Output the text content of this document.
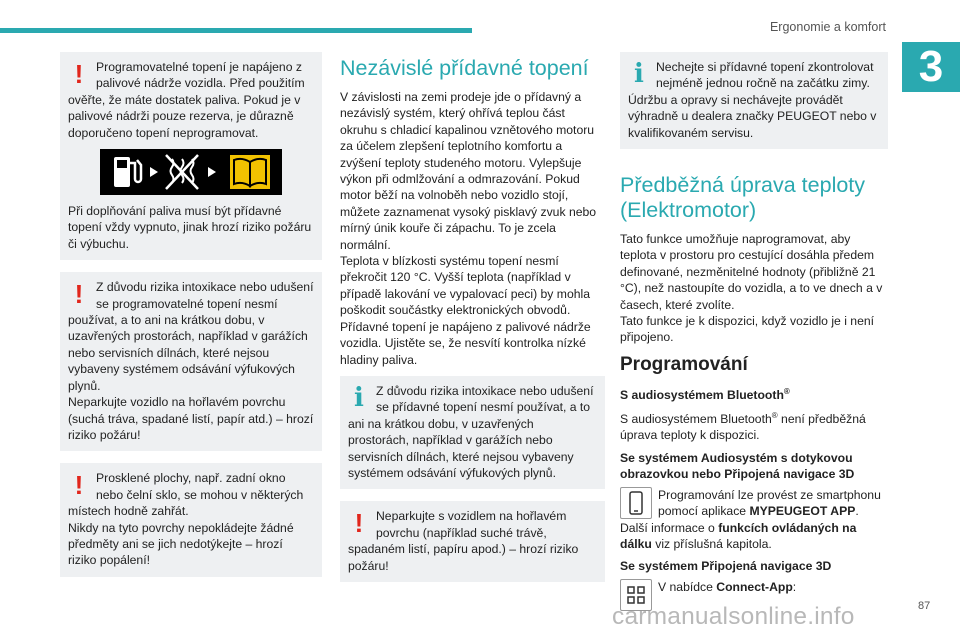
Ergonomie a komfort
3
!	Programovatelné topení je napájeno z palivové nádrže vozidla. Před použitím ověřte, že máte dostatek paliva. Pokud je v palivové nádrži pouze rezerva, je důrazně doporučeno topení neprogramovat.

Při doplňování paliva musí být přídavné topení vždy vypnuto, jinak hrozí riziko požáru či výbuchu.

!	Z důvodu rizika intoxikace nebo udušení se programovatelné topení nesmí používat, a to ani na krátkou dobu, v uzavřených prostorách, například v garážích nebo servisních dílnách, které nejsou vybaveny systémem odsávání výfukových plynů.
Neparkujte vozidlo na hořlavém povrchu (suchá tráva, spadané listí, papír atd.) – hrozí riziko požáru!

!	Prosklené plochy, např. zadní okno nebo čelní sklo, se mohou v některých místech hodně zahřát.
Nikdy na tyto povrchy nepokládejte žádné předměty ani se jich nedotýkejte – hrozí riziko popálení!

Nezávislé přídavné topení

V závislosti na zemi prodeje jde o přídavný a nezávislý systém, který ohřívá teplou část okruhu s chladicí kapalinou vznětového motoru za účelem zlepšení teplotního komfortu a zvýšení teploty studeného motoru. Vylepšuje výkon při odmlžování a odmrazování. Pokud motor běží na volnoběh nebo vozidlo stojí, můžete zaznamenat vysoký pisklavý zvuk nebo mírný únik kouře či zápachu. To je zcela normální.

Teplota v blízkosti systému topení nesmí překročit 120 °C. Vyšší teplota (například v případě lakování ve vypalovací peci) by mohla poškodit součástky elektronických obvodů. Přídavné topení je napájeno z palivové nádrže vozidla. Ujistěte se, že nesvítí kontrolka nízké hladiny paliva.

i Z důvodu rizika intoxikace nebo udušení se přídavné topení nesmí používat, a to ani na krátkou dobu, v uzavřených prostorách, například v garážích nebo servisních dílnách, které nejsou vybaveny systémem odsávání výfukových plynů.

!	Neparkujte s vozidlem na hořlavém povrchu (například suché trávě, spadaném listí, papíru apod.) – hrozí riziko požáru!

i Nechejte si přídavné topení zkontrolovat nejméně jednou ročně na začátku zimy. Údržbu a opravy si nechávejte provádět výhradně u dealera značky PEUGEOT nebo v kvalifikovaném servisu.

Předběžná úprava teploty (Elektromotor)

Tato funkce umožňuje naprogramovat, aby teplota v prostoru pro cestující dosáhla předem definované, nezměnitelné hodnoty (přibližně 21 °C), než nastoupíte do vozidla, a to ve dnech a v časech, které zvolíte.

Tato funkce je k dispozici, když vozidlo je i není připojeno.

Programování

S audiosystémem Bluetooth®

S audiosystémem Bluetooth® není předběžná úprava teploty k dispozici.

Se systémem Audiosystém s dotykovou obrazovkou nebo Připojená navigace 3D

Programování lze provést ze smartphonu pomocí aplikace MYPEUGEOT APP.

Další informace o funkcích ovládaných na dálku viz příslušná kapitola.

Se systémem Připojená navigace 3D

V nabídce Connect-App:
carmanualsonline.info	87
